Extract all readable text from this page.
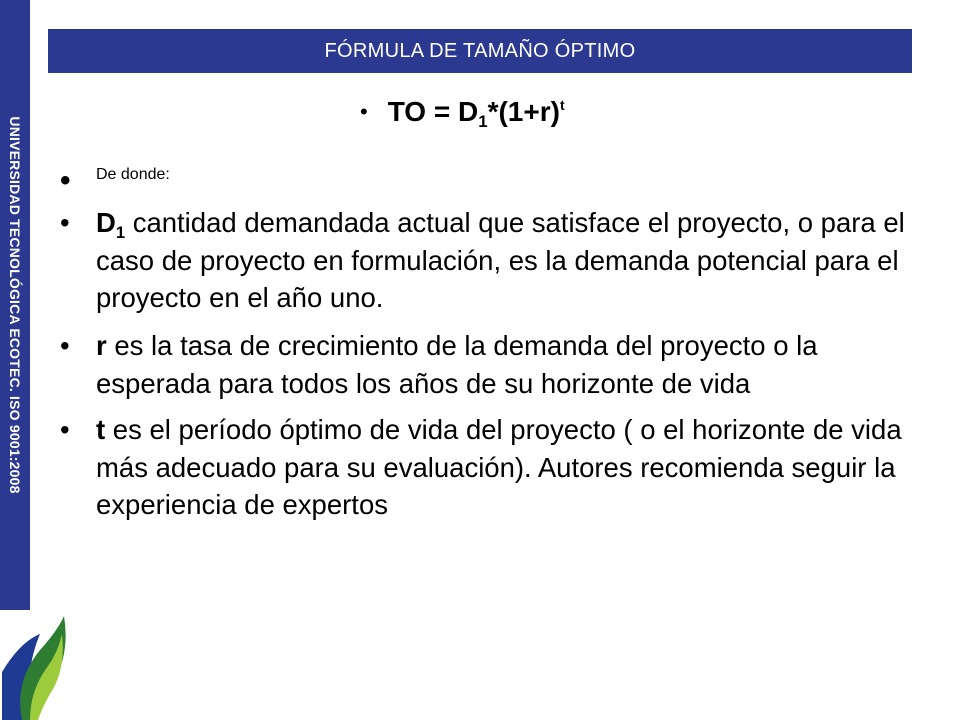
UNIVERSIDAD TECNOLÓGICA ECOTEC. ISO 9001:2008
FÓRMULA DE TAMAÑO ÓPTIMO
• TO = $D_1*(1+r)^t$
•	De donde:
• $D_1$ cantidad demandada actual que satisface el proyecto, o para el caso de proyecto en formulación, es la demanda potencial para el proyecto en el año uno.
• r es la tasa de crecimiento de la demanda del proyecto o la esperada para todos los años de su horizonte de vida
• t es el período óptimo de vida del proyecto ( o el horizonte de vida más adecuado para su evaluación). Autores recomienda seguir la experiencia de expertos
